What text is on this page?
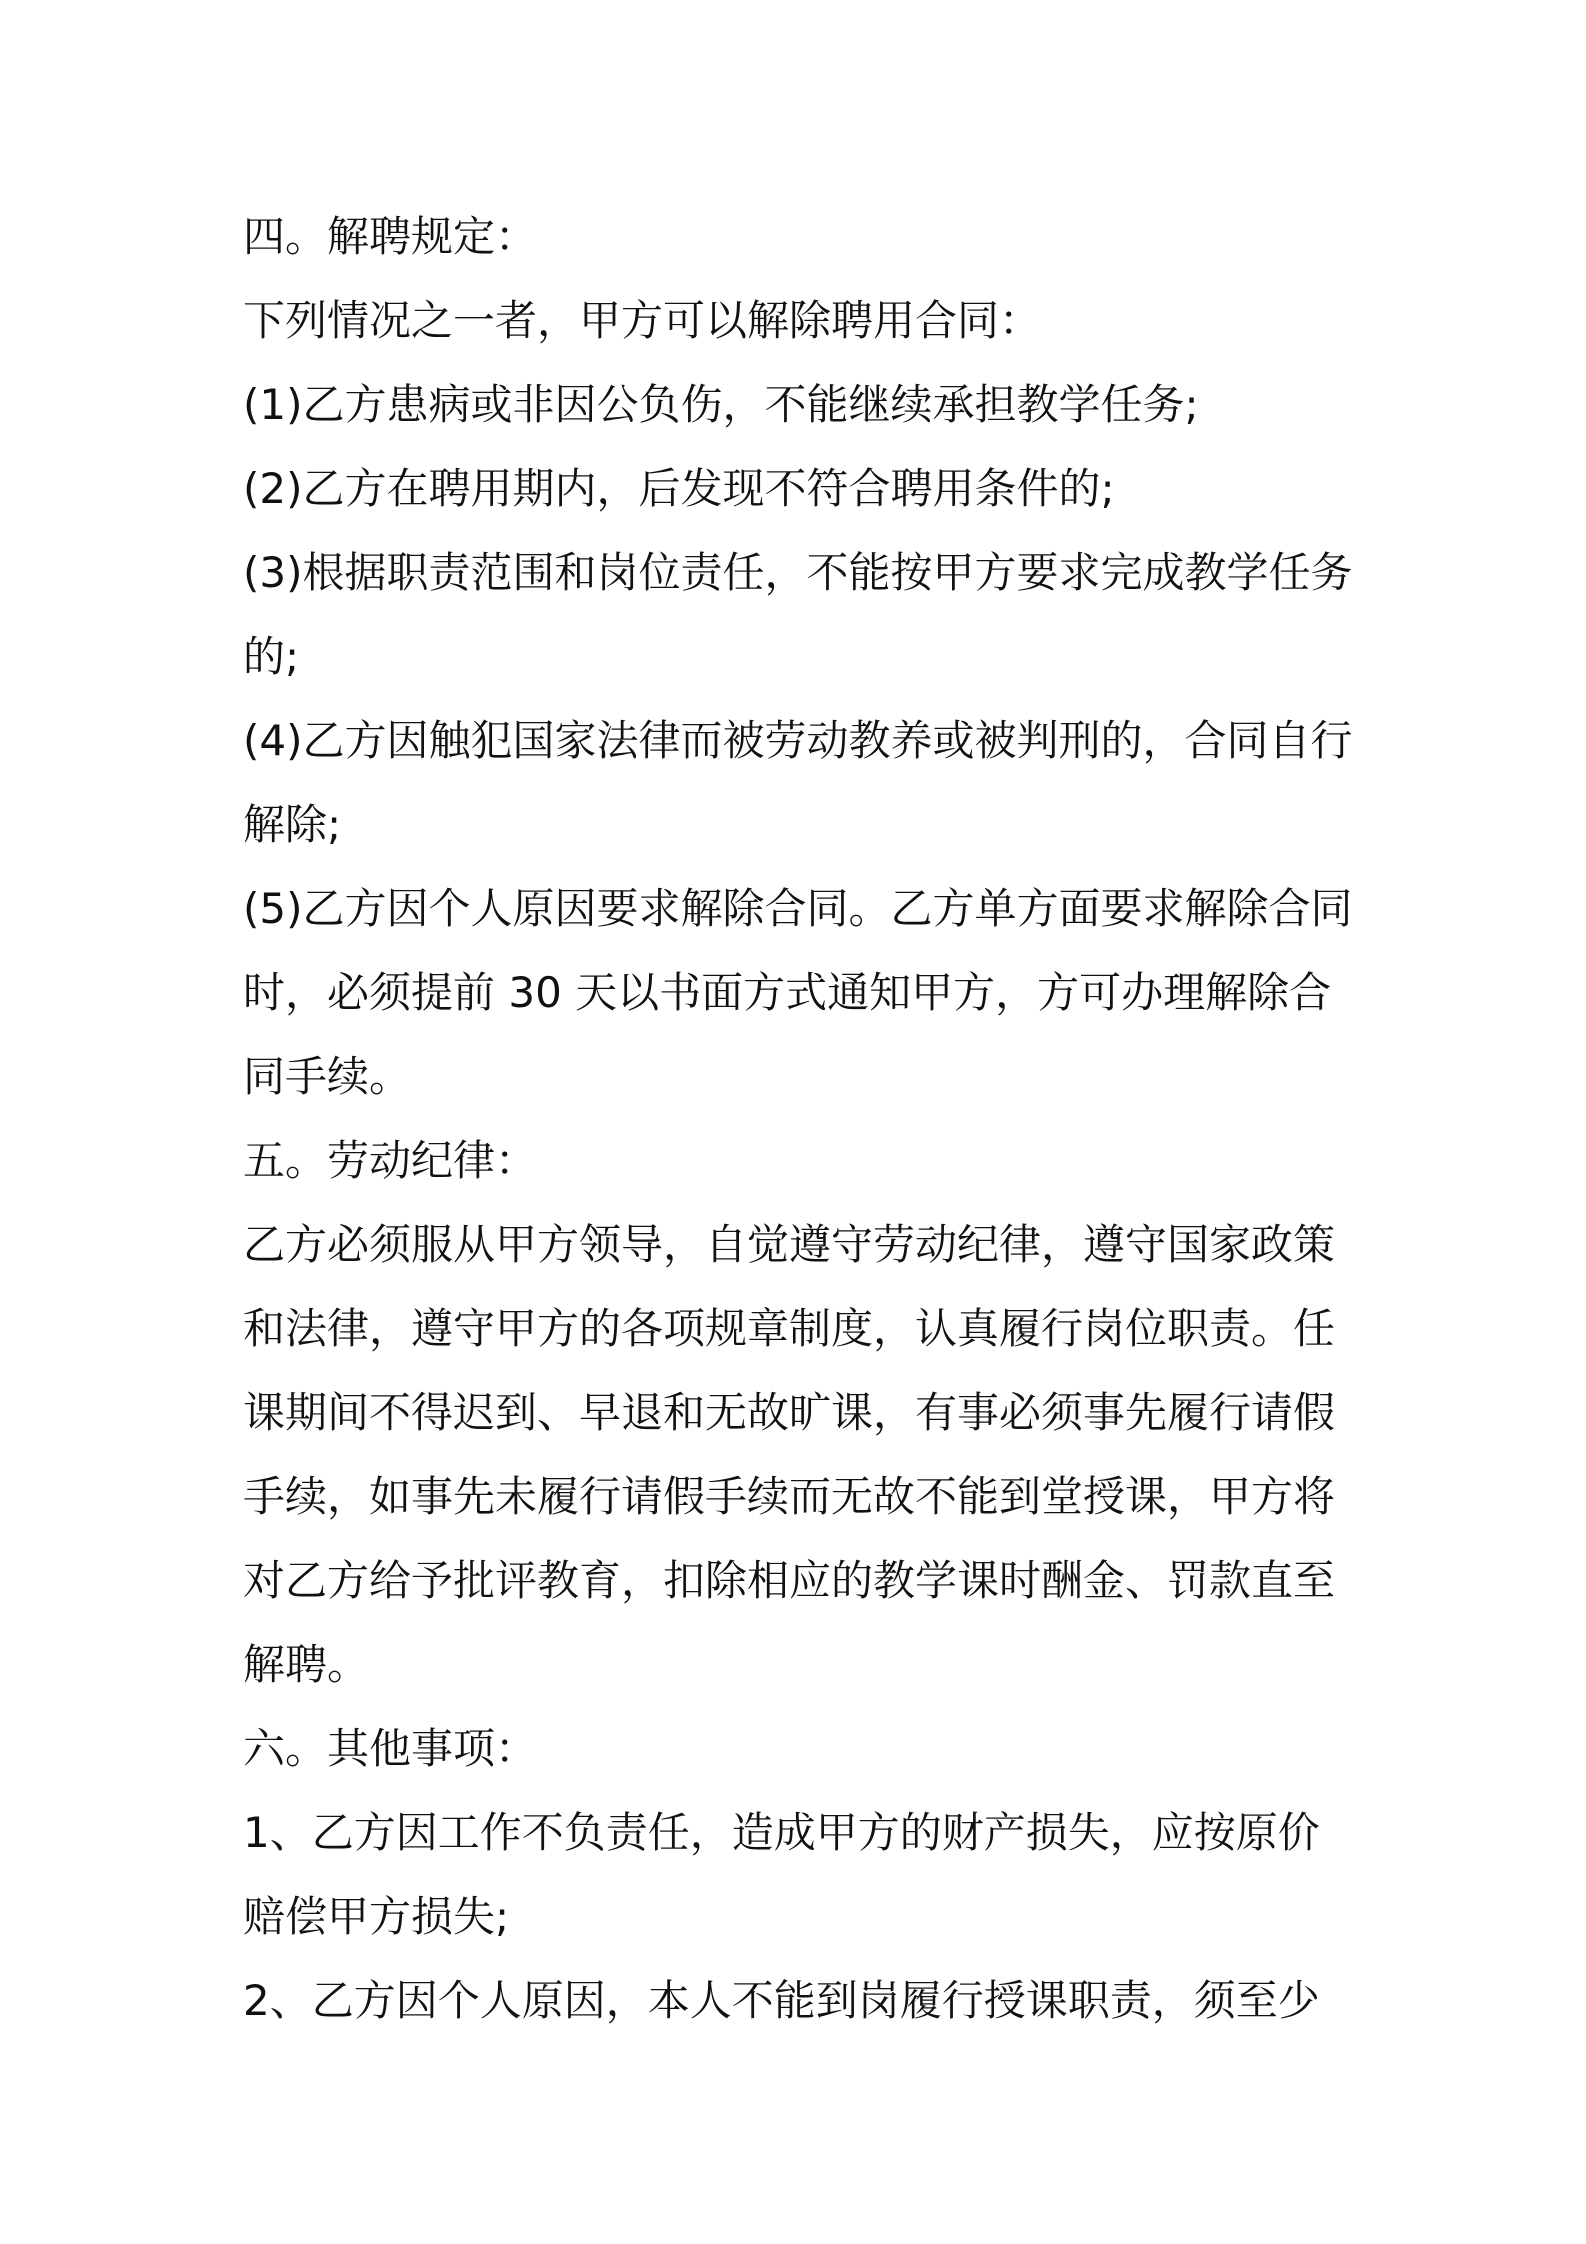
四。解聘规定：
下列情况之一者，甲方可以解除聘用合同：
(1)乙方患病或非因公负伤，不能继续承担教学任务;
(2)乙方在聘用期内，后发现不符合聘用条件的;
(3)根据职责范围和岗位责任，不能按甲方要求完成教学任务
的;
(4)乙方因触犯国家法律而被劳动教养或被判刑的，合同自行
解除;
(5)乙方因个人原因要求解除合同。乙方单方面要求解除合同
时，必须提前 30 天以书面方式通知甲方，方可办理解除合
同手续。
五。劳动纪律：
乙方必须服从甲方领导，自觉遵守劳动纪律，遵守国家政策
和法律，遵守甲方的各项规章制度，认真履行岗位职责。任
课期间不得迟到、早退和无故旷课，有事必须事先履行请假
手续，如事先未履行请假手续而无故不能到堂授课，甲方将
对乙方给予批评教育，扣除相应的教学课时酬金、罚款直至
解聘。
六。其他事项：
1、乙方因工作不负责任，造成甲方的财产损失，应按原价
赔偿甲方损失;
2、乙方因个人原因，本人不能到岗履行授课职责，须至少
